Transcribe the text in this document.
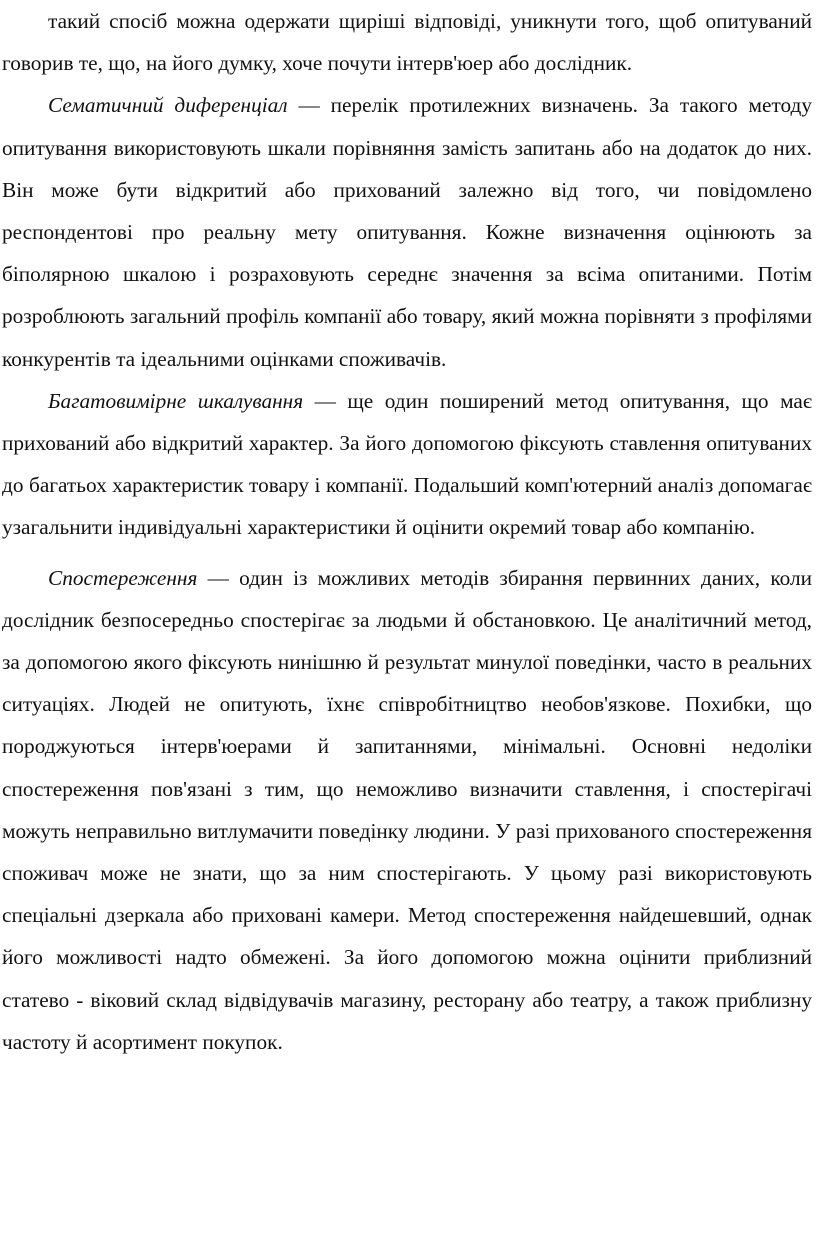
такий спосіб можна одержати щиріші відповіді, уникнути того, щоб опитуваний говорив те, що, на його думку, хоче почути інтерв'юер або дослідник.

Сематичний диференціал — перелік протилежних визначень. За такого методу опитування використовують шкали порівняння замість запитань або на додаток до них. Він може бути відкритий або прихований залежно від того, чи повідомлено респондентові про реальну мету опитування. Кожне визначення оцінюють за біполярною шкалою і розраховують середнє значення за всіма опитаними. Потім розроблюють загальний профіль компанії або товару, який можна порівняти з профілями конкурентів та ідеальними оцінками споживачів.

Багатовимірне шкалування — ще один поширений метод опитування, що має прихований або відкритий характер. За його допомогою фіксують ставлення опитуваних до багатьох характеристик товару і компанії. Подальший комп'ютерний аналіз допомагає узагальнити індивідуальні характеристики й оцінити окремий товар або компанію.

Спостереження — один із можливих методів збирання первинних даних, коли дослідник безпосередньо спостерігає за людьми й обстановкою. Це аналітичний метод, за допомогою якого фіксують нинішню й результат минулої поведінки, часто в реальних ситуаціях. Людей не опитують, їхнє співробітництво необов'язкове. Похибки, що породжуються інтерв'юерами й запитаннями, мінімальні. Основні недоліки спостереження пов'язані з тим, що неможливо визначити ставлення, і спостерігачі можуть неправильно витлумачити поведінку людини. У разі прихованого спостереження споживач може не знати, що за ним спостерігають. У цьому разі використовують спеціальні дзеркала або приховані камери. Метод спостереження найдешевший, однак його можливості надто обмежені. За його допомогою можна оцінити приблизний статево - віковий склад відвідувачів магазину, ресторану або театру, а також приблизну частоту й асортимент покупок.
